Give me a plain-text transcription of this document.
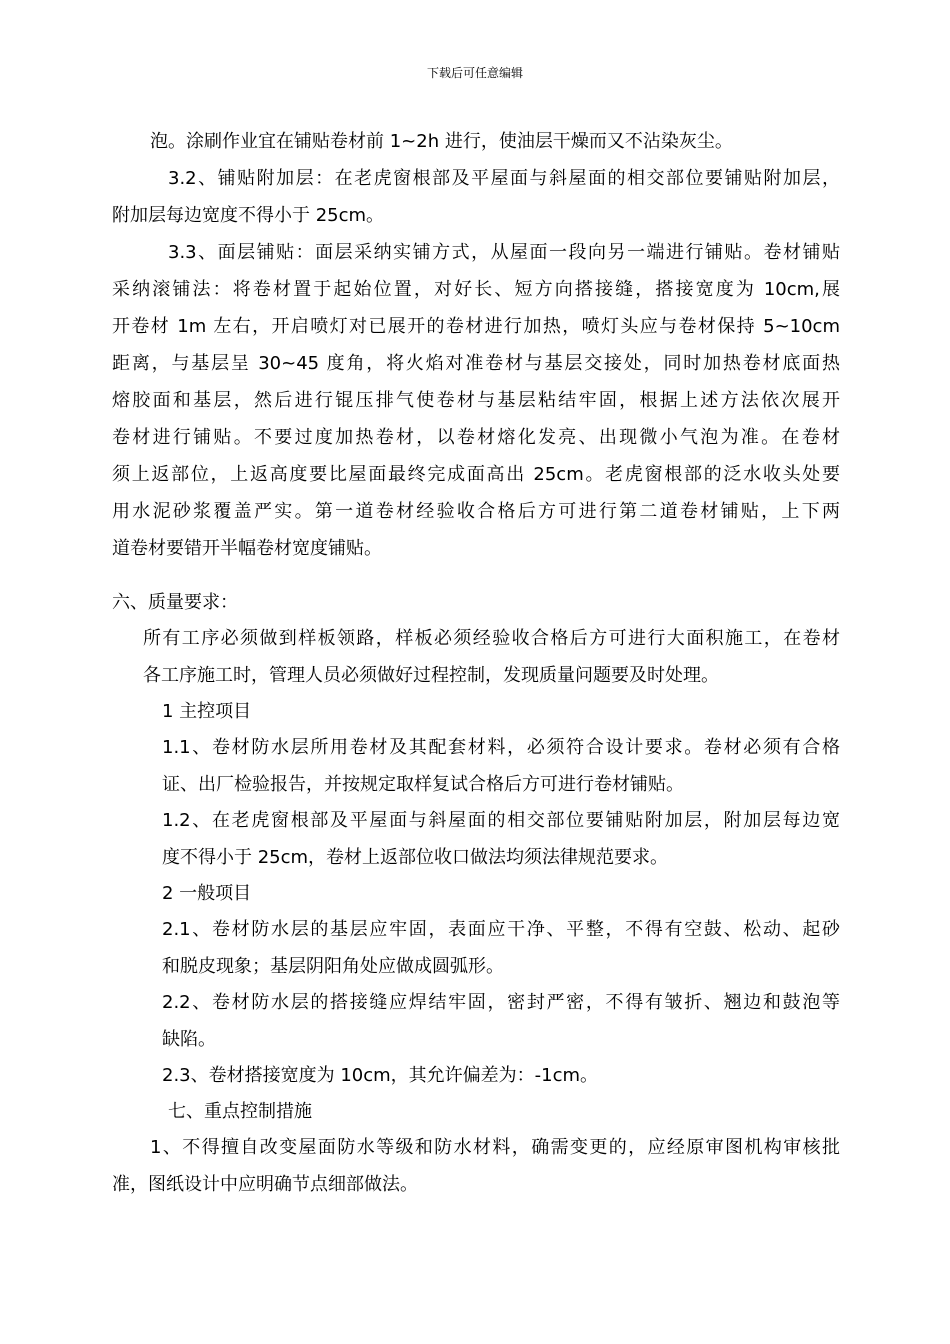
下载后可任意编辑
泡。涂刷作业宜在铺贴卷材前 1~2h 进行，使油层干燥而又不沾染灰尘。
3.2、铺贴附加层：在老虎窗根部及平屋面与斜屋面的相交部位要铺贴附加层，
附加层每边宽度不得小于 25cm。
3.3、面层铺贴：面层采纳实铺方式，从屋面一段向另一端进行铺贴。卷材铺贴
采纳滚铺法：将卷材置于起始位置，对好长、短方向搭接缝，搭接宽度为 10cm,展
开卷材 1m 左右，开启喷灯对已展开的卷材进行加热，喷灯头应与卷材保持 5~10cm
距离，与基层呈 30~45 度角，将火焰对准卷材与基层交接处，同时加热卷材底面热
熔胶面和基层，然后进行锟压排气使卷材与基层粘结牢固，根据上述方法依次展开
卷材进行铺贴。不要过度加热卷材，以卷材熔化发亮、出现微小气泡为准。在卷材
须上返部位，上返高度要比屋面最终完成面高出 25cm。老虎窗根部的泛水收头处要
用水泥砂浆覆盖严实。第一道卷材经验收合格后方可进行第二道卷材铺贴，上下两
道卷材要错开半幅卷材宽度铺贴。
六、质量要求：
所有工序必须做到样板领路，样板必须经验收合格后方可进行大面积施工，在卷材
各工序施工时，管理人员必须做好过程控制，发现质量问题要及时处理。
1 主控项目
1.1、卷材防水层所用卷材及其配套材料，必须符合设计要求。卷材必须有合格
证、出厂检验报告，并按规定取样复试合格后方可进行卷材铺贴。
1.2、在老虎窗根部及平屋面与斜屋面的相交部位要铺贴附加层，附加层每边宽
度不得小于 25cm，卷材上返部位收口做法均须法律规范要求。
2 一般项目
2.1、卷材防水层的基层应牢固，表面应干净、平整，不得有空鼓、松动、起砂
和脱皮现象；基层阴阳角处应做成圆弧形。
2.2、卷材防水层的搭接缝应焊结牢固，密封严密，不得有皱折、翘边和鼓泡等
缺陷。
2.3、卷材搭接宽度为 10cm，其允许偏差为：-1cm。
七、重点控制措施
1、不得擅自改变屋面防水等级和防水材料，确需变更的，应经原审图机构审核批
准，图纸设计中应明确节点细部做法。
